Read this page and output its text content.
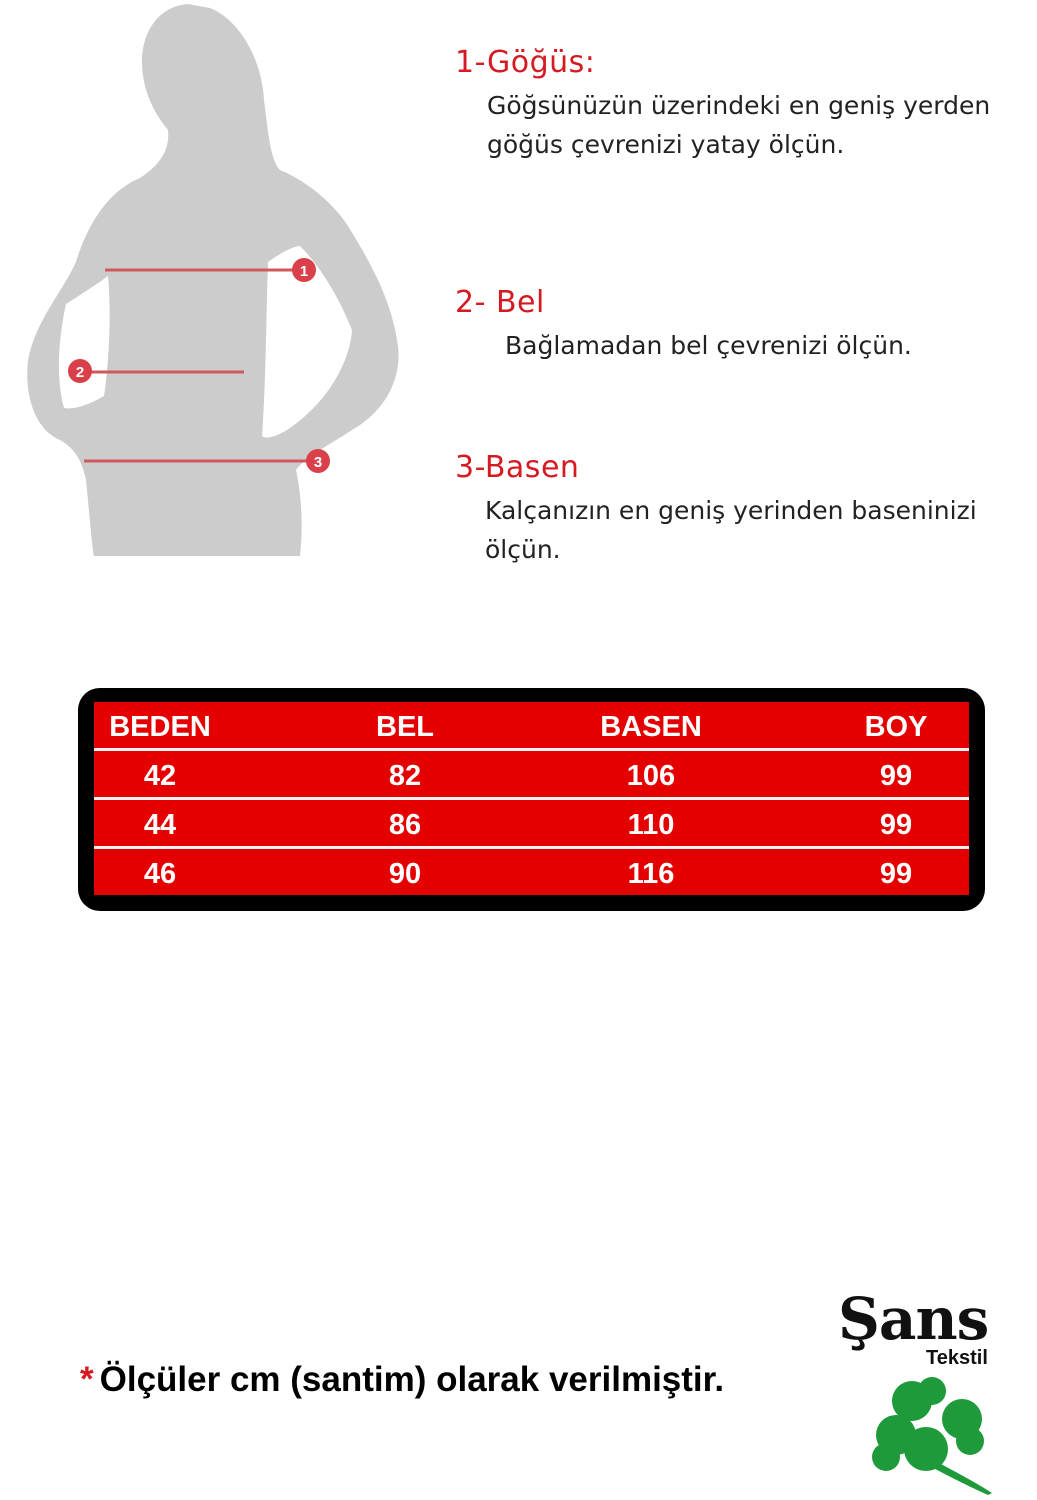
1
2
3
1-Göğüs:
Göğsünüzün üzerindeki en geniş yerden
göğüs çevrenizi yatay ölçün.
2- Bel
Bağlamadan bel çevrenizi ölçün.
3-Basen
Kalçanızın en geniş yerinden baseninizi
ölçün.
BEDEN	BEL	BASEN	BOY
42	82	106	99
44	86	110	99
46	90	116	99
* Ölçüler cm (santim) olarak verilmiştir.
Şans
Tekstil
